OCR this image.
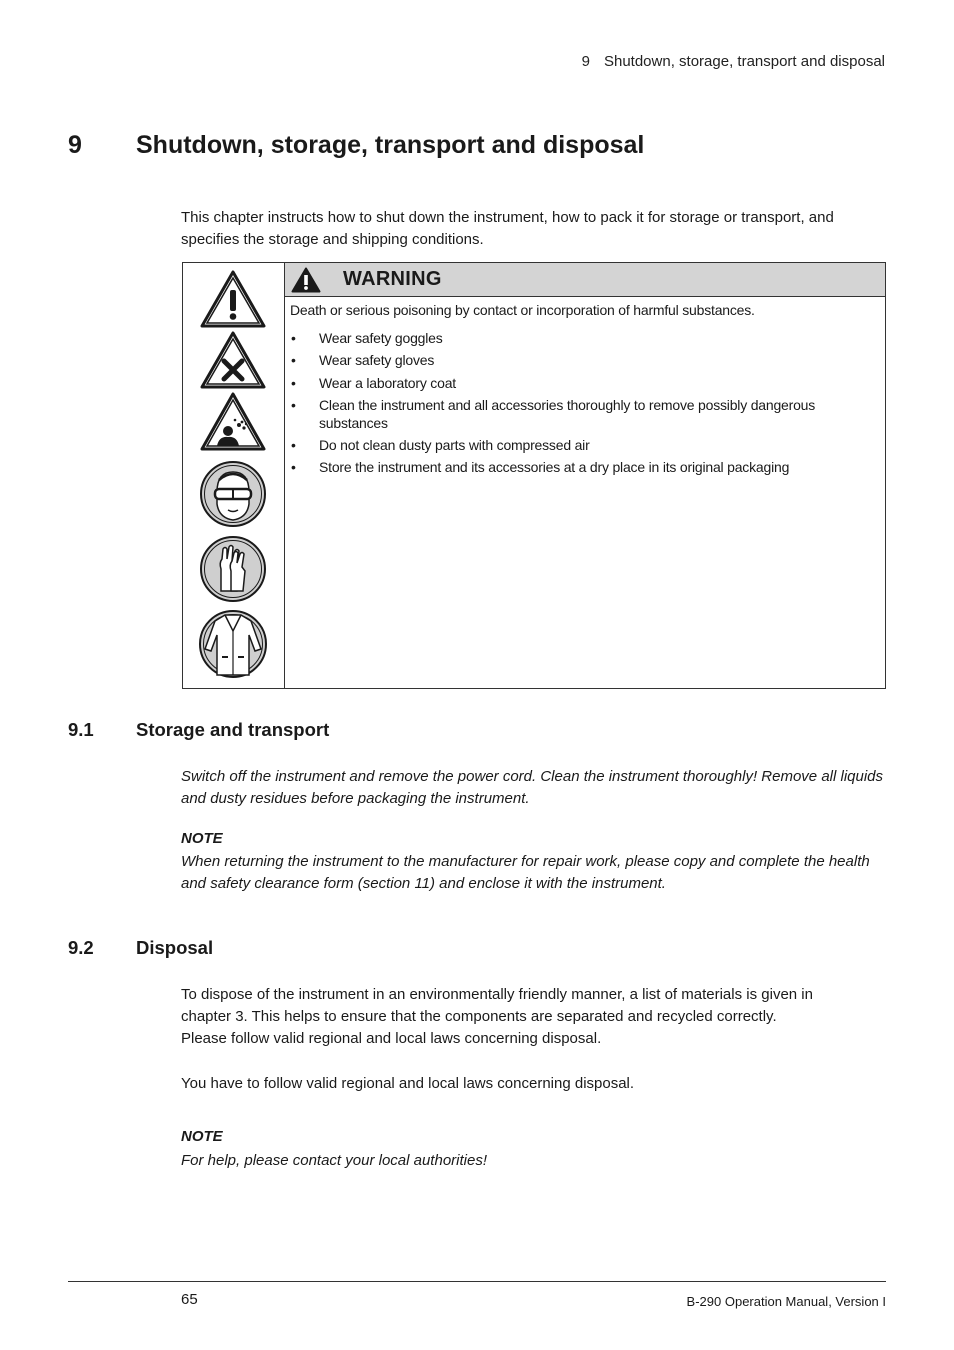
9 Shutdown, storage, transport and disposal
9 Shutdown, storage, transport and disposal
This chapter instructs how to shut down the instrument, how to pack it for storage or transport, and specifies the storage and shipping conditions.
WARNING

Death or serious poisoning by contact or incorporation of harmful substances.

• Wear safety goggles
• Wear safety gloves
• Wear a laboratory coat
• Clean the instrument and all accessories thoroughly to remove possibly dangerous substances
• Do not clean dusty parts with compressed air
• Store the instrument and its accessories at a dry place in its original packaging
9.1 Storage and transport
Switch off the instrument and remove the power cord. Clean the instrument thoroughly! Remove all liquids and dusty residues before packaging the instrument.
NOTE
When returning the instrument to the manufacturer for repair work, please copy and complete the health and safety clearance form (section 11) and enclose it with the instrument.
9.2 Disposal
To dispose of the instrument in an environmentally friendly manner, a list of materials is given in chapter 3. This helps to ensure that the components are separated and recycled correctly.
Please follow valid regional and local laws concerning disposal.
You have to follow valid regional and local laws concerning disposal.
NOTE
For help, please contact your local authorities!
65	B-290 Operation Manual, Version I
